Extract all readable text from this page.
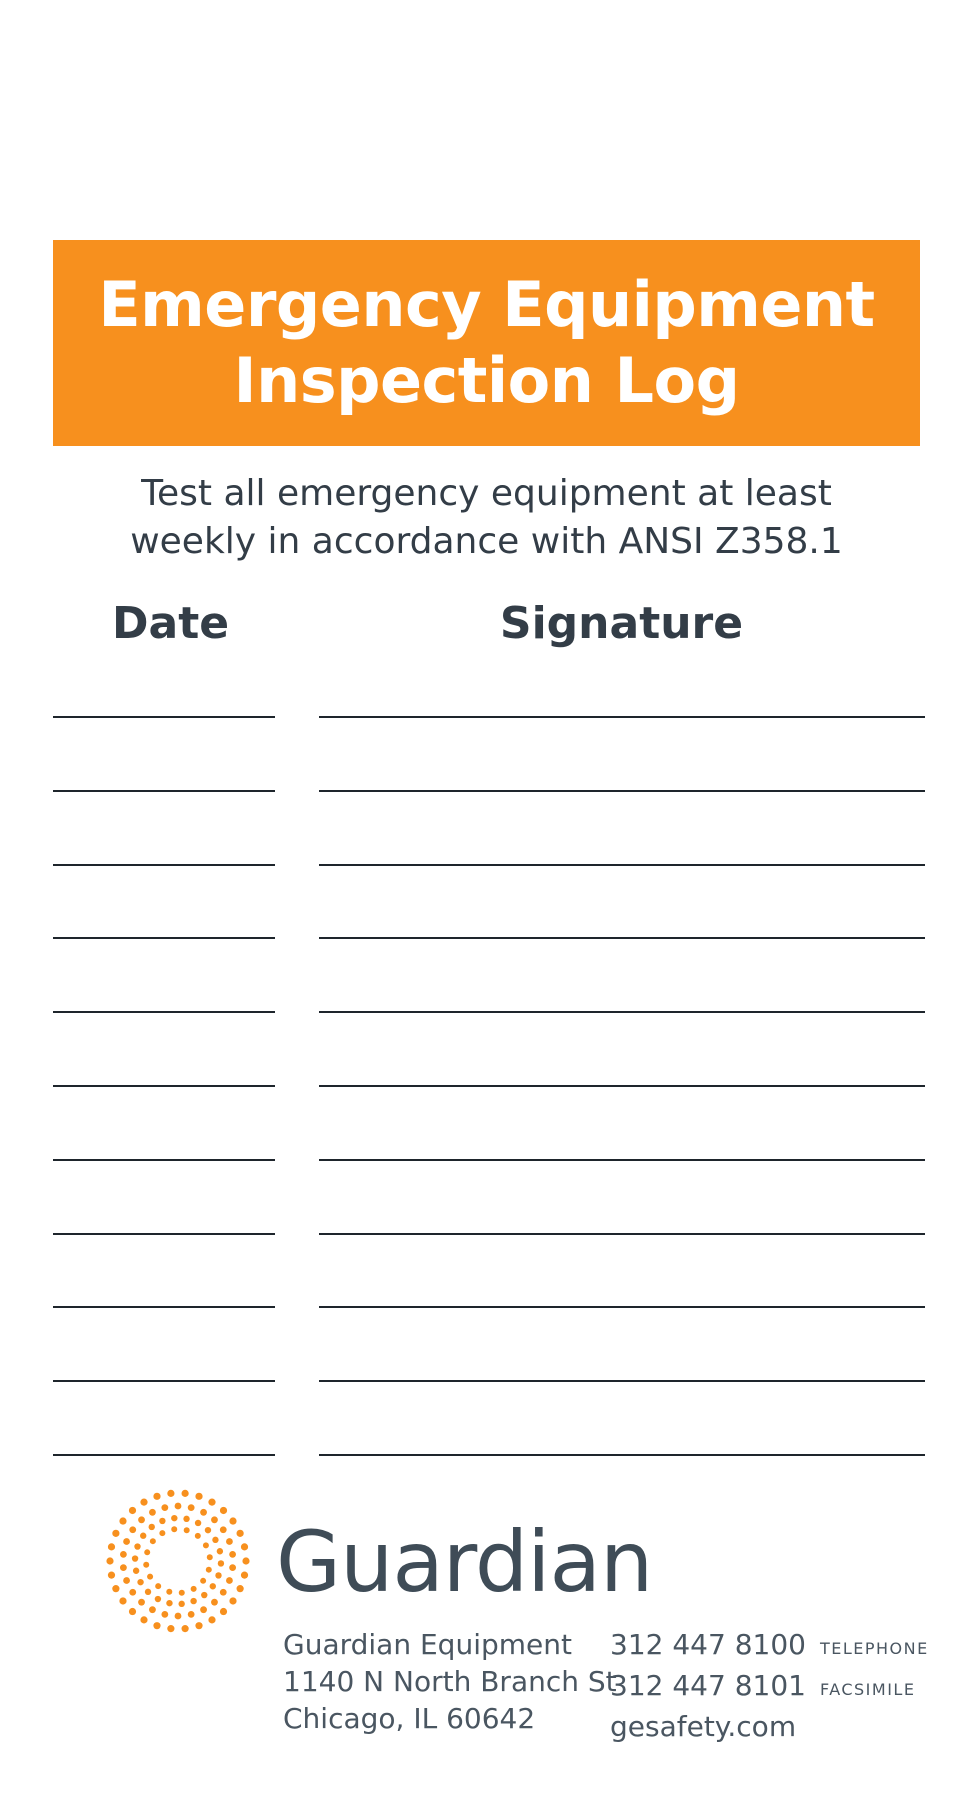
Emergency Equipment
Inspection Log
Test all emergency equipment at least
weekly in accordance with ANSI Z358.1
Date	Signature
Guardian
Guardian Equipment
1140 N North Branch St
Chicago, IL 60642
312 447 8100 TELEPHONE
312 447 8101 FACSIMILE
gesafety.com
